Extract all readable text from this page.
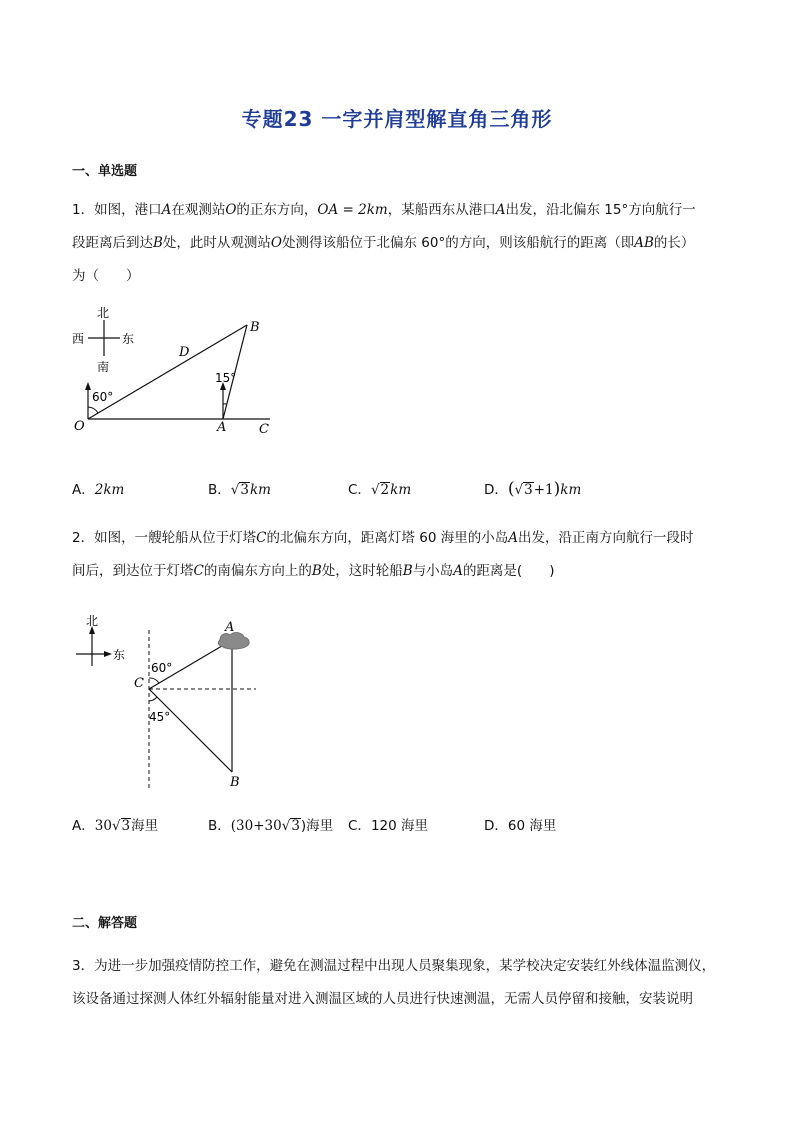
专题23 一字并肩型解直角三角形
一、单选题
1．如图，港口A在观测站O的正东方向，OA = 2km，某船西东从港口A出发，沿北偏东 15°方向航行一
段距离后到达B处，此时从观测站O处测得该船位于北偏东 60°的方向，则该船航行的距离（即AB的长）
为（　　）
北
南
西	东
60°
15°
O	A	C
B
D
A．2km	B．√3km	C．√2km	D．(√3+1)km
2．如图，一艘轮船从位于灯塔C的北偏东方向，距离灯塔 60 海里的小岛A出发，沿正南方向航行一段时
间后，到达位于灯塔C的南偏东方向上的B处，这时轮船B与小岛A的距离是(　　)
北
东
60°
45°
C
A
B
A．30√3海里	B．(30+30√3)海里 C．120 海里	D．60 海里
二、解答题
3．为进一步加强疫情防控工作，避免在测温过程中出现人员聚集现象，某学校决定安装红外线体温监测仪，
该设备通过探测人体红外辐射能量对进入测温区域的人员进行快速测温，无需人员停留和接触，安装说明
